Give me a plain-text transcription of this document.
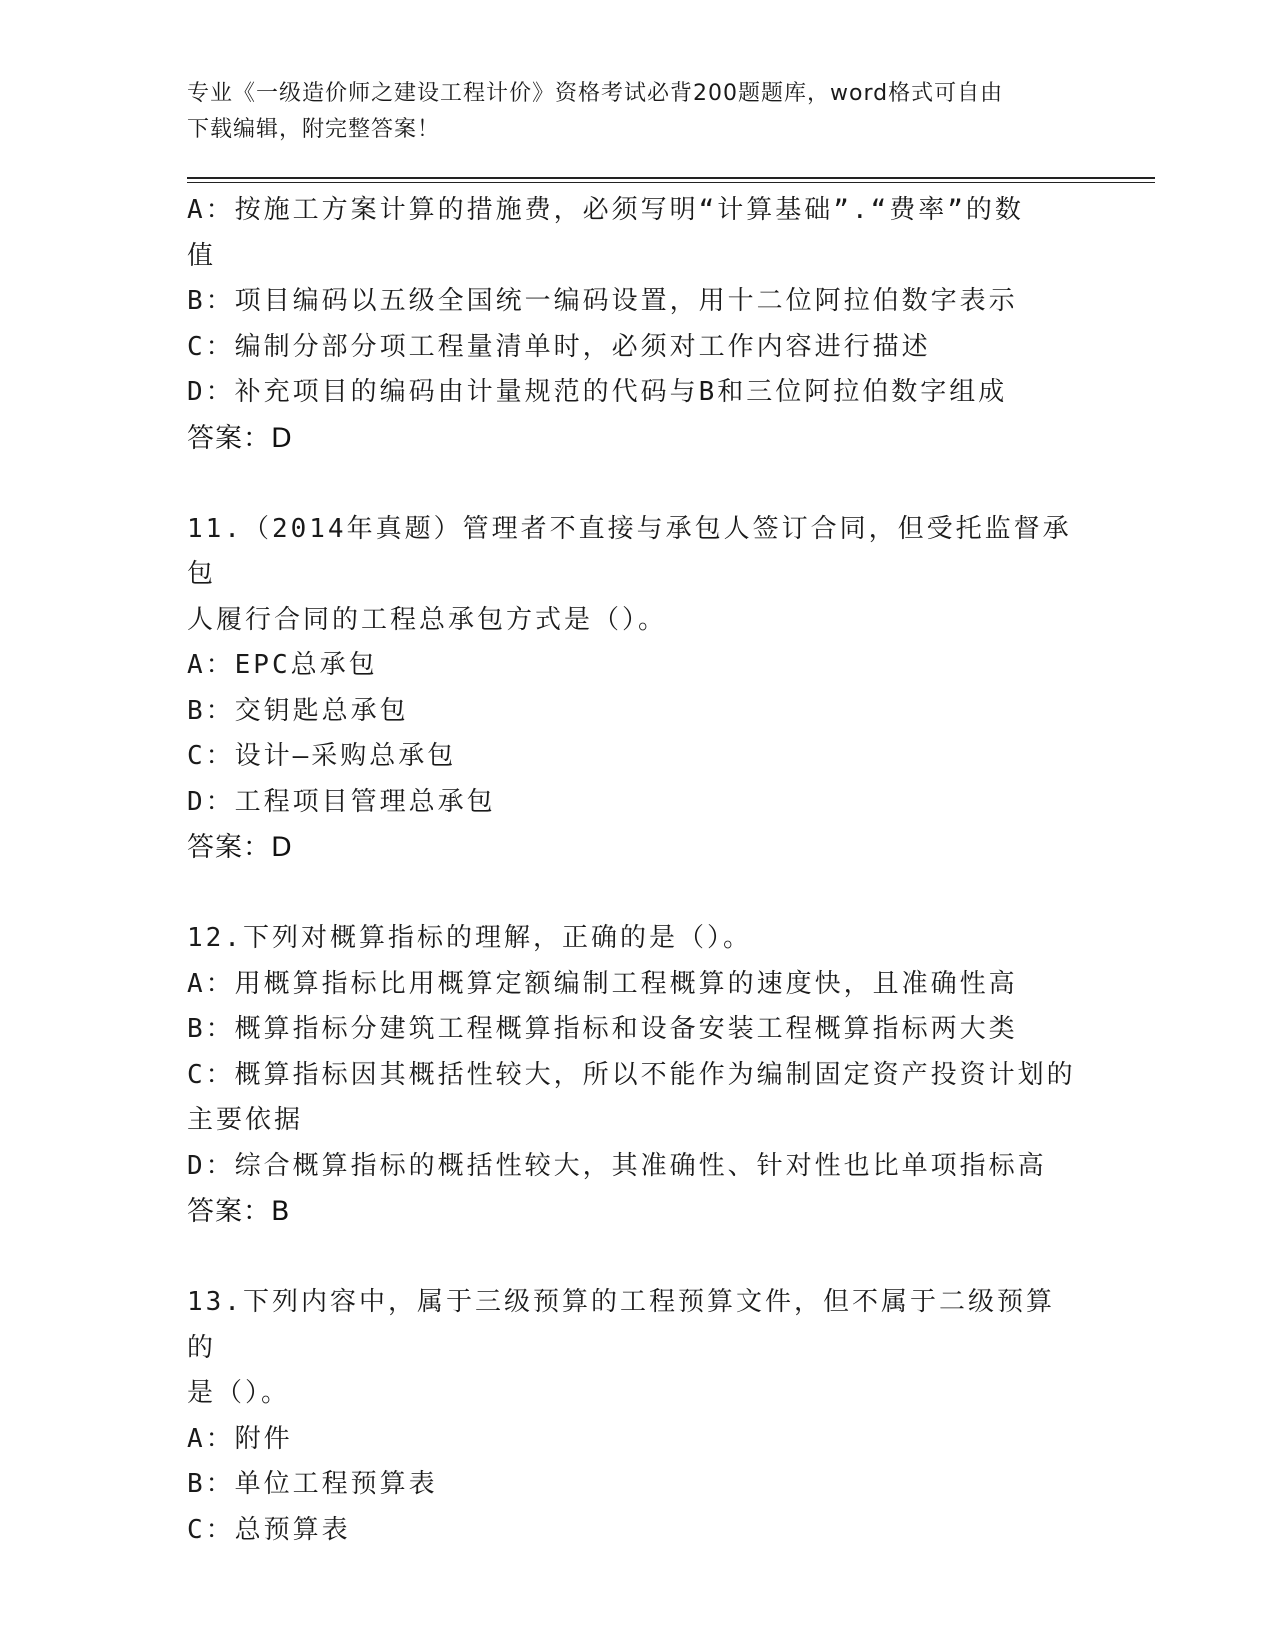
专业《一级造价师之建设工程计价》资格考试必背200题题库，word格式可自由
下载编辑，附完整答案！
A：按施工方案计算的措施费，必须写明“计算基础”.“费率”的数
值
B：项目编码以五级全国统一编码设置，用十二位阿拉伯数字表示
C：编制分部分项工程量清单时，必须对工作内容进行描述
D：补充项目的编码由计量规范的代码与B和三位阿拉伯数字组成
答案：D
11.（2014年真题）管理者不直接与承包人签订合同，但受托监督承包
人履行合同的工程总承包方式是（）。
A：EPC总承包
B：交钥匙总承包
C：设计—采购总承包
D：工程项目管理总承包
答案：D
12.下列对概算指标的理解，正确的是（）。
A：用概算指标比用概算定额编制工程概算的速度快，且准确性高
B：概算指标分建筑工程概算指标和设备安装工程概算指标两大类
C：概算指标因其概括性较大，所以不能作为编制固定资产投资计划的
主要依据
D：综合概算指标的概括性较大，其准确性、针对性也比单项指标高
答案：B
13.下列内容中，属于三级预算的工程预算文件，但不属于二级预算的
是（）。
A：附件
B：单位工程预算表
C：总预算表
